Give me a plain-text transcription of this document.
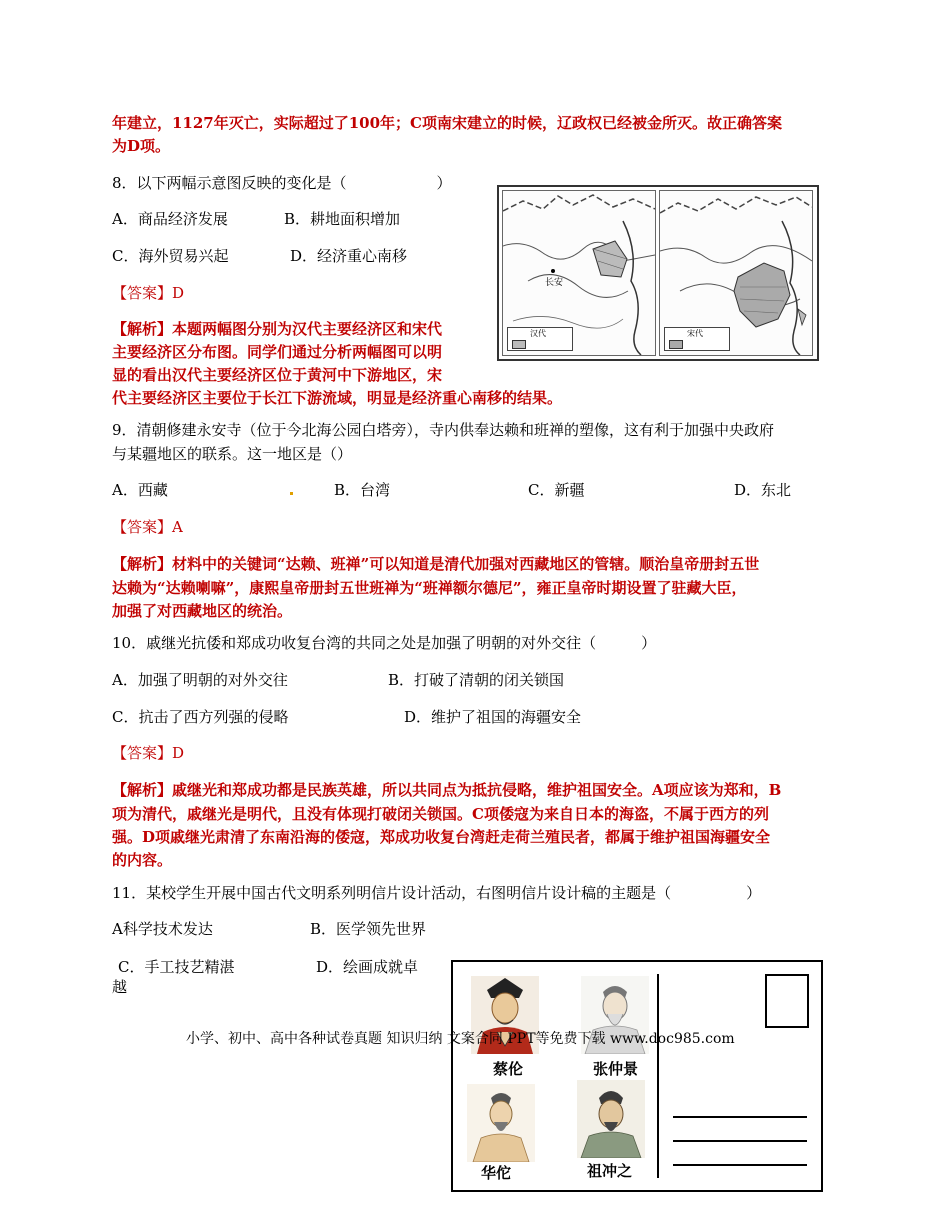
年建立，1127年灭亡，实际超过了100年；C项南宋建立的时候，辽政权已经被金所灭。故正确答案
为D项。
8．以下两幅示意图反映的变化是（　　　　　　）
A．商品经济发展	B．耕地面积增加
C．海外贸易兴起	D．经济重心南移
【答案】D
【解析】本题两幅图分别为汉代主要经济区和宋代
主要经济区分布图。同学们通过分析两幅图可以明
显的看出汉代主要经济区位于黄河中下游地区，宋
代主要经济区主要位于长江下游流域，明显是经济重心南移的结果。
长安
汉代	宋代
9．清朝修建永安寺（位于今北海公园白塔旁），寺内供奉达赖和班禅的塑像，这有利于加强中央政府
与某疆地区的联系。这一地区是（）
A．西藏	B．台湾	C．新疆	D．东北
【答案】A
【解析】材料中的关键词“达赖、班禅”可以知道是清代加强对西藏地区的管辖。顺治皇帝册封五世
达赖为“达赖喇嘛”，康熙皇帝册封五世班禅为“班禅额尔德尼”，雍正皇帝时期设置了驻藏大臣，
加强了对西藏地区的统治。
10．戚继光抗倭和郑成功收复台湾的共同之处是加强了明朝的对外交往（　　　）
A．加强了明朝的对外交往	B．打破了清朝的闭关锁国
C．抗击了西方列强的侵略	D．维护了祖国的海疆安全
【答案】D
【解析】戚继光和郑成功都是民族英雄，所以共同点为抵抗侵略，维护祖国安全。A项应该为郑和，B
项为清代，戚继光是明代，且没有体现打破闭关锁国。C项倭寇为来自日本的海盗，不属于西方的列
强。D项戚继光肃清了东南沿海的倭寇，郑成功收复台湾赶走荷兰殖民者，都属于维护祖国海疆安全
的内容。
11．某校学生开展中国古代文明系列明信片设计活动，右图明信片设计稿的主题是（　　　　　）
A科学技术发达	B．医学领先世界
C．手工技艺精湛	D．绘画成就卓
越
蔡伦	张仲景
华佗	祖冲之
小学、初中、高中各种试卷真题 知识归纳 文案合同 PPT等免费下载 www.doc985.com
